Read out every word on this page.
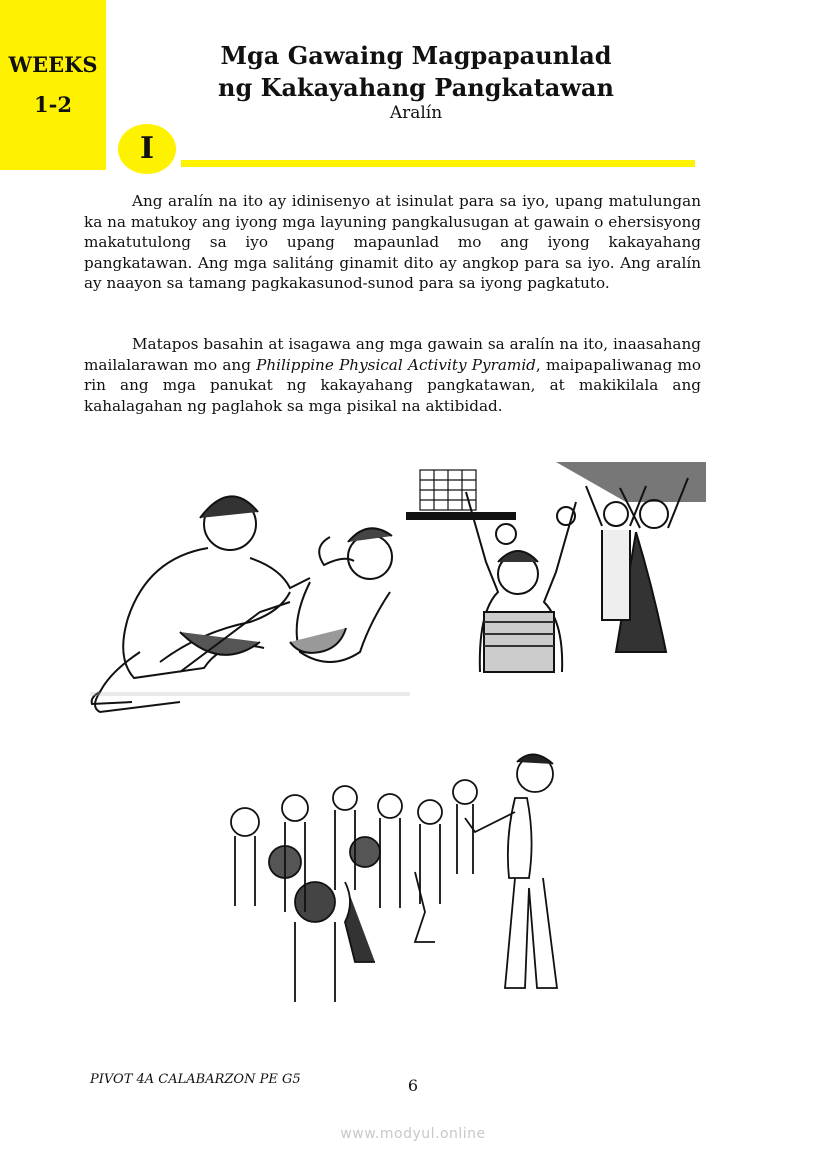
WEEKS
1-2
Mga Gawaing Magpapaunlad
ng Kakayahang Pangkatawan
Aralín
I

Ang aralín na ito ay idinisenyo at isinulat para sa iyo, upang matulungan ka na matukoy ang iyong mga layuning pangkalusugan at gawain o ehersisyong makatutulong sa iyo upang mapaunlad mo ang iyong kakayahang pangkatawan. Ang mga salitáng ginamit dito ay angkop para sa iyo. Ang aralín ay naayon sa tamang pagkakasunod-sunod para sa iyong pagkatuto.

Matapos basahin at isagawa ang mga gawain sa aralín na ito, inaasahang mailalarawan mo ang Philippine Physical Activity Pyramid, maipapaliwanag mo rin ang mga panukat ng kakayahang pangkatawan, at makikilala ang kahalagahan ng paglahok sa mga pisikal na aktibidad.

PIVOT 4A CALABARZON PE G5	6
www.modyul.online
